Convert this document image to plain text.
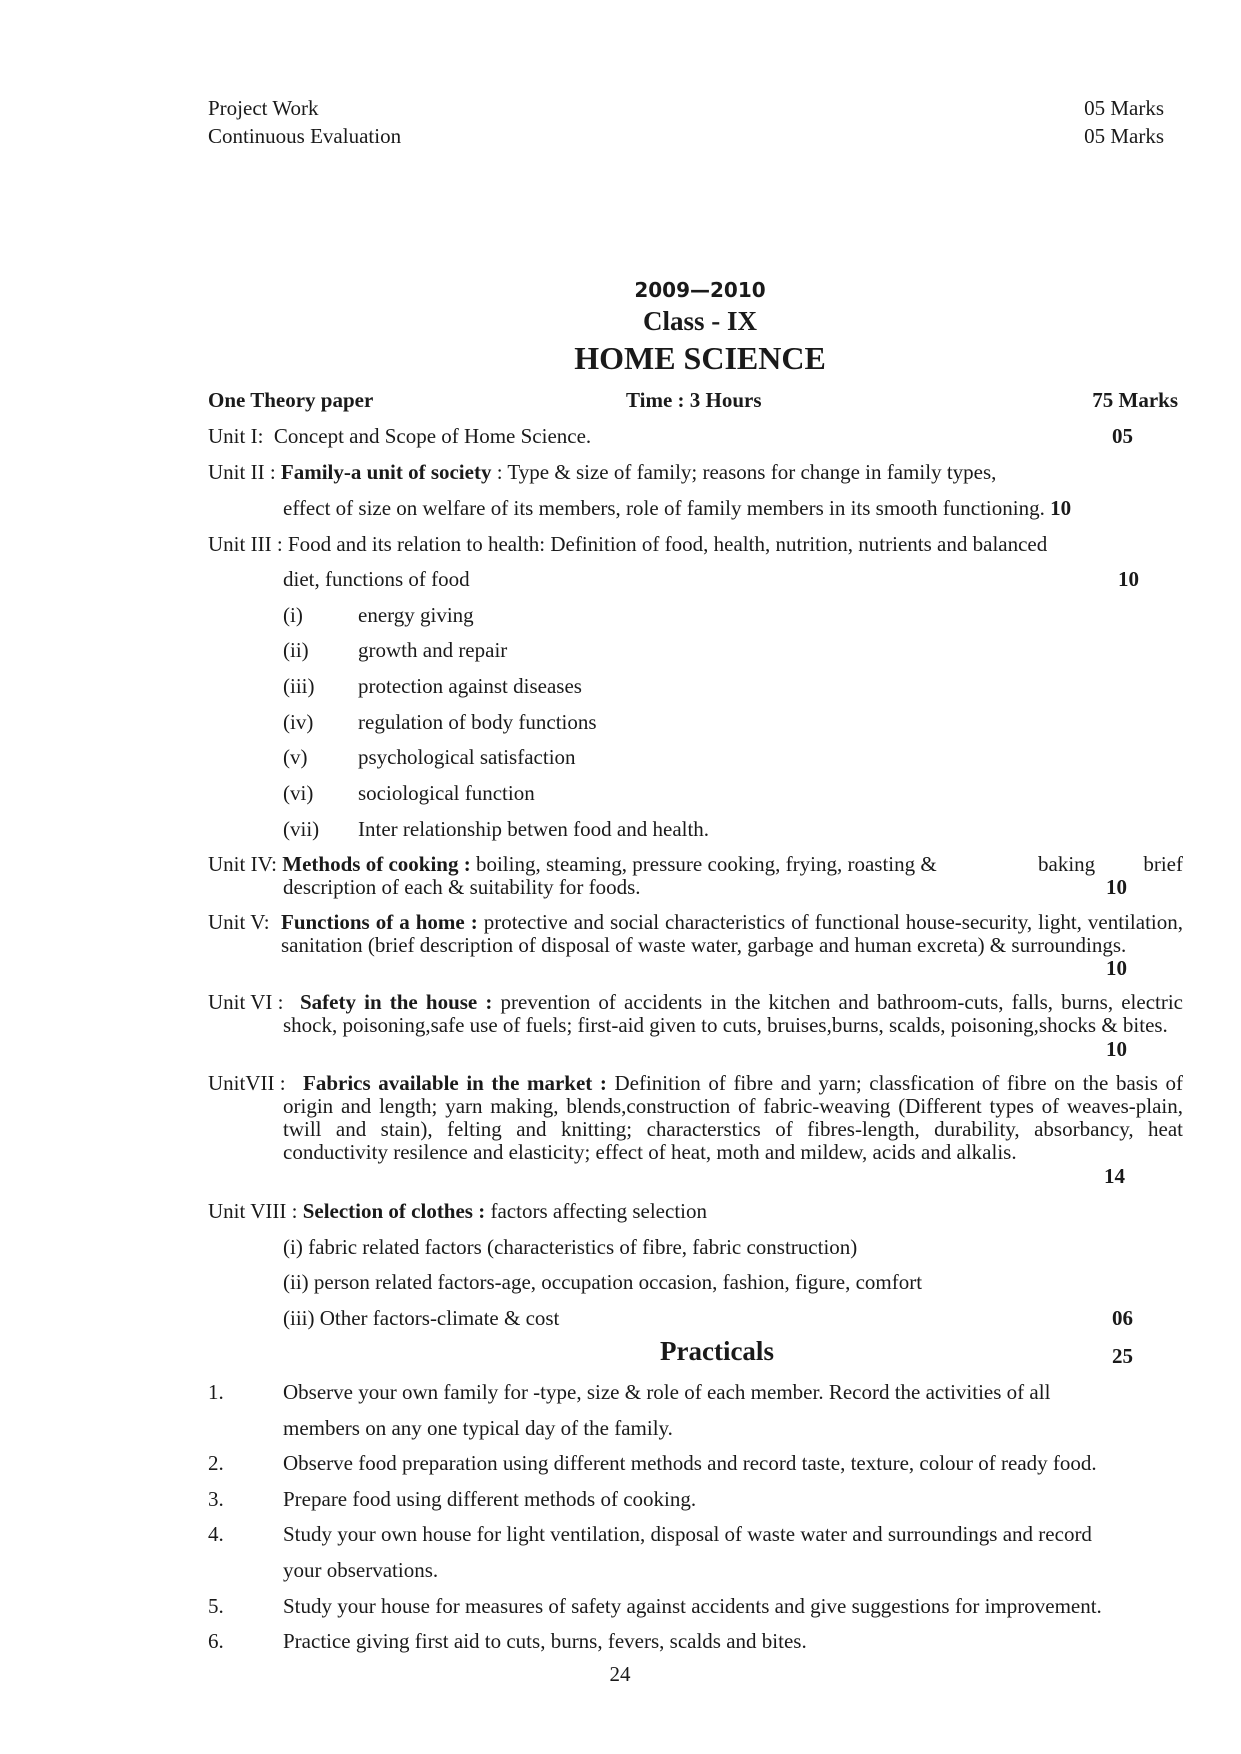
Project Work	05 Marks
Continuous Evaluation	05 Marks
2009—2010
Class - IX
HOME SCIENCE
One Theory paper	Time : 3 Hours	75 Marks
Unit I: Concept and Scope of Home Science.	05
Unit II : Family-a unit of society : Type & size of family; reasons for change in family types,
effect of size on welfare of its members, role of family members in its smooth functioning. 10
Unit III : Food and its relation to health: Definition of food, health, nutrition, nutrients and balanced
diet, functions of food	10
(i)	energy giving
(ii) growth and repair
(iii) protection against diseases
(iv) regulation of body functions
(v) psychological satisfaction
(vi) sociological function
(vii) Inter relationship betwen food and health.
Unit IV: Methods of cooking : boiling, steaming, pressure cooking, frying, roasting &	baking brief
description of each & suitability for foods.	10
Unit V: Functions of a home : protective and social characteristics of functional house-security, light, ventilation, sanitation (brief description of disposal of waste water, garbage and human excreta) & surroundings.
10
Unit VI : Safety in the house : prevention of accidents in the kitchen and bathroom-cuts, falls, burns, electric shock, poisoning,safe use of fuels; first-aid given to cuts, bruises,burns, scalds, poisoning,shocks & bites.
10
UnitVII : Fabrics available in the market : Definition of fibre and yarn; classfication of fibre on the basis of origin and length; yarn making, blends,construction of fabric-weaving (Different types of weaves-plain, twill and stain), felting and knitting; characterstics of fibres-length, durability, absorbancy, heat conductivity resilence and elasticity; effect of heat, moth and mildew, acids and alkalis.
14
Unit VIII : Selection of clothes : factors affecting selection
(i) fabric related factors (characteristics of fibre, fabric construction)
(ii) person related factors-age, occupation occasion, fashion, figure, comfort
(iii) Other factors-climate & cost	06
Practicals	25
1.	Observe your own family for -type, size & role of each member. Record the activities of all
members on any one typical day of the family.
2.	Observe food preparation using different methods and record taste, texture, colour of ready food.
3.	Prepare food using different methods of cooking.
4.	Study your own house for light ventilation, disposal of waste water and surroundings and record
your observations.
5.	Study your house for measures of safety against accidents and give suggestions for improvement.
6.	Practice giving first aid to cuts, burns, fevers, scalds and bites.
24
